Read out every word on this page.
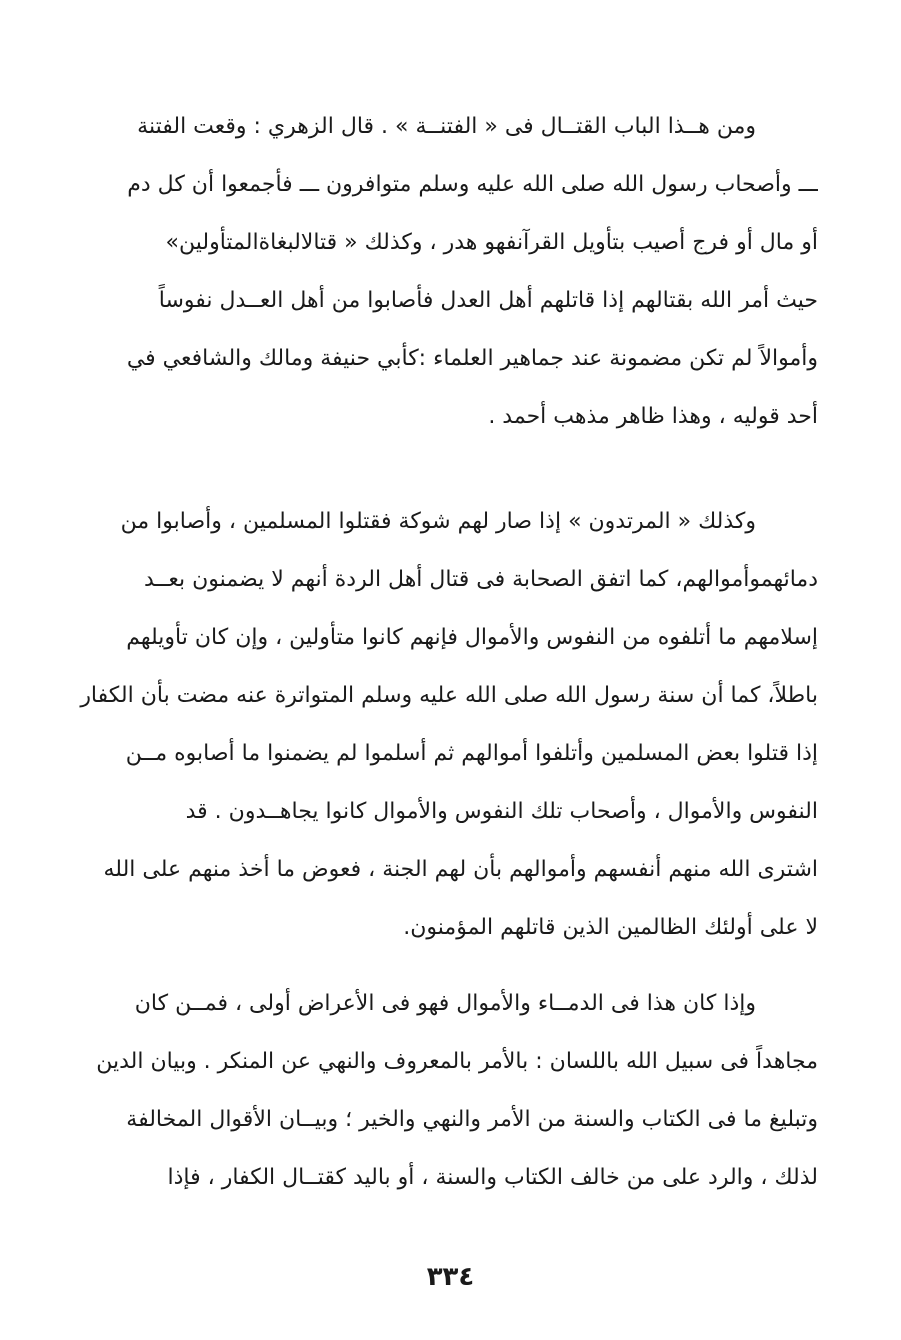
ومن هــذا الباب القتــال فى « الفتنــة » . قال الزهري : وقعت الفتنة
ـــ وأصحاب رسول الله صلى الله عليه وسلم متوافرون ـــ فأجمعوا أن كل دم
أو مال أو فرج أصيب بتأويل القرآنفهو هدر ، وكذلك « قتالالبغاةالمتأولين»
حيث أمر الله بقتالهم إذا قاتلهم أهل العدل فأصابوا من أهل العــدل نفوساً
وأموالاً لم تكن مضمونة عند جماهير العلماء :كأبي حنيفة ومالك والشافعي في
أحد قوليه ، وهذا ظاهر مذهب أحمد .
وكذلك « المرتدون » إذا صار لهم شوكة فقتلوا المسلمين ، وأصابوا من
دمائهموأموالهم، كما اتفق الصحابة فى قتال أهل الردة أنهم لا يضمنون بعــد
إسلامهم ما أتلفوه من النفوس والأموال فإنهم كانوا متأولين ، وإن كان تأويلهم
باطلاً، كما أن سنة رسول الله صلى الله عليه وسلم المتواترة عنه مضت بأن الكفار
إذا قتلوا بعض المسلمين وأتلفوا أموالهم ثم أسلموا لم يضمنوا ما أصابوه مــن
النفوس والأموال ، وأصحاب تلك النفوس والأموال كانوا يجاهــدون . قد
اشترى الله منهم أنفسهم وأموالهم بأن لهم الجنة ، فعوض ما أخذ منهم على الله
لا على أولئك الظالمين الذين قاتلهم المؤمنون.
وإذا كان هذا فى الدمــاء والأموال فهو فى الأعراض أولى ، فمــن كان
مجاهداً فى سبيل الله باللسان : بالأمر بالمعروف والنهي عن المنكر . وبيان الدين
وتبليغ ما فى الكتاب والسنة من الأمر والنهي والخير ؛ وبيــان الأقوال المخالفة
لذلك ، والرد على من خالف الكتاب والسنة ، أو باليد كقتــال الكفار ، فإذا
٣٣٤
